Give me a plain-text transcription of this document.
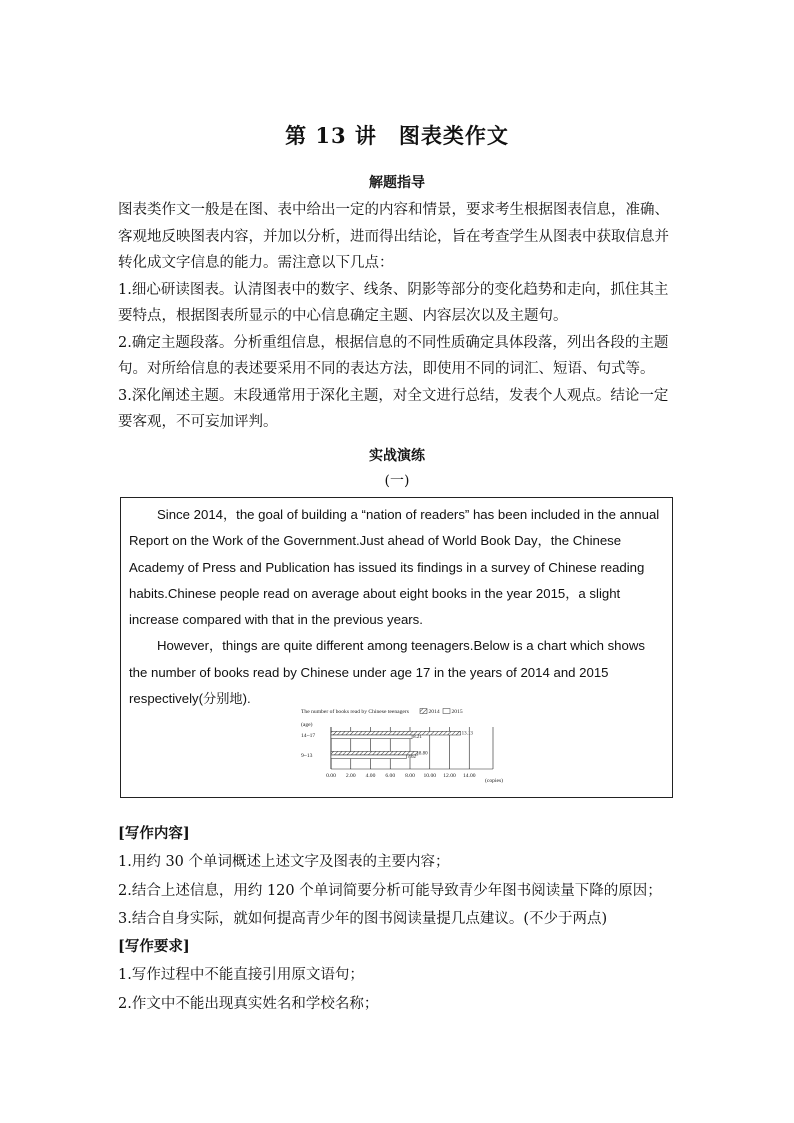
第 13 讲　图表类作文
解题指导

图表类作文一般是在图、表中给出一定的内容和情景，要求考生根据图表信息，准确、客观地反映图表内容，并加以分析，进而得出结论，旨在考查学生从图表中获取信息并转化成文字信息的能力。需注意以下几点：

1.细心研读图表。认清图表中的数字、线条、阴影等部分的变化趋势和走向，抓住其主要特点，根据图表所显示的中心信息确定主题、内容层次以及主题句。

2.确定主题段落。分析重组信息，根据信息的不同性质确定具体段落，列出各段的主题句。对所给信息的表述要采用不同的表达方法，即使用不同的词汇、短语、句式等。

3.深化阐述主题。末段通常用于深化主题，对全文进行总结，发表个人观点。结论一定要客观，不可妄加评判。

实战演练
(一)

Since 2014，the goal of building a “nation of readers” has been included in the annual Report on the Work of the Government.Just ahead of World Book Day，the Chinese Academy of Press and Publication has issued its findings in a survey of Chinese reading habits.Chinese people read on average about eight books in the year 2015，a slight increase compared with that in the previous years.

However，things are quite different among teenagers.Below is a chart which shows the number of books read by Chinese under age 17 in the years of 2014 and 2015 respectively(分别地).

The number of books read by Chinese teenagers	2014 2015
(age)
14~17	13.13
8.21
9~13	8.80
7.62
0.00 2.00 4.00 6.00 8.00 10.00 12.00 14.00
(copies)

[写作内容]

1.用约 30 个单词概述上述文字及图表的主要内容；

2.结合上述信息，用约 120 个单词简要分析可能导致青少年图书阅读量下降的原因；

3.结合自身实际，就如何提高青少年的图书阅读量提几点建议。(不少于两点)

[写作要求]

1.写作过程中不能直接引用原文语句；

2.作文中不能出现真实姓名和学校名称；
